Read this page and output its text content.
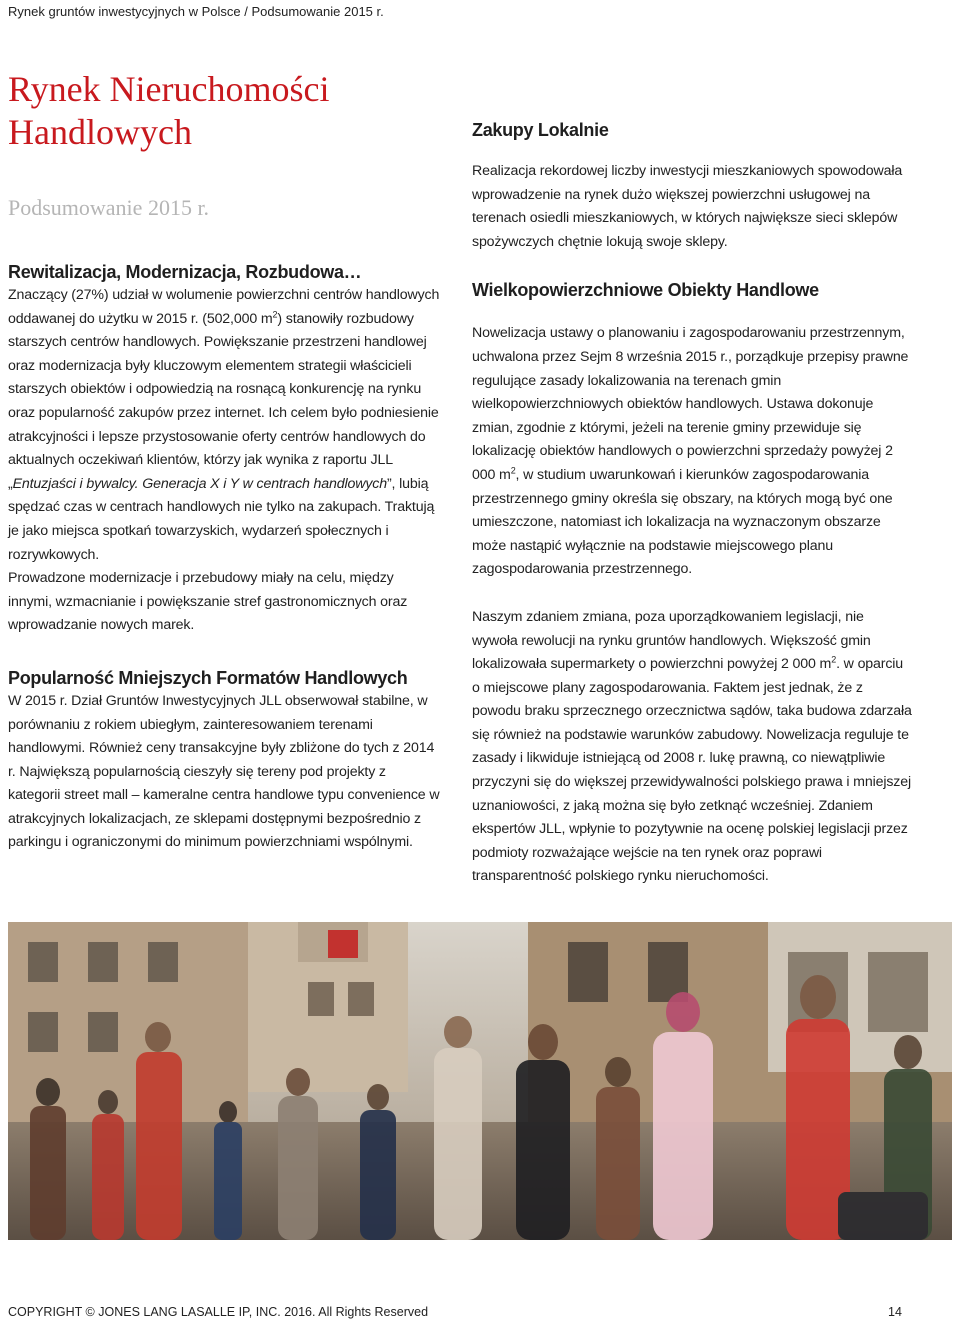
Rynek gruntów inwestycyjnych w Polsce / Podsumowanie 2015 r.
Rynek Nieruchomości
Handlowych
Podsumowanie 2015 r.
Rewitalizacja, Modernizacja, Rozbudowa…

Znaczący (27%) udział w wolumenie powierzchni centrów handlowych oddawanej do użytku w 2015 r. (502,000 $m^2$) stanowiły rozbudowy starszych centrów handlowych. Powiększanie przestrzeni handlowej oraz modernizacja były kluczowym elementem strategii właścicieli starszych obiektów i odpowiedzią na rosnącą konkurencję na rynku oraz popularność zakupów przez internet. Ich celem było podniesienie atrakcyjności i lepsze przystosowanie oferty centrów handlowych do aktualnych oczekiwań klientów, którzy jak wynika z raportu JLL „Entuzjaści i bywalcy. Generacja X i Y w centrach handlowych”, lubią spędzać czas w centrach handlowych nie tylko na zakupach. Traktują je jako miejsca spotkań towarzyskich, wydarzeń społecznych i rozrywkowych.

Prowadzone modernizacje i przebudowy miały na celu, między innymi, wzmacnianie i powiększanie stref gastronomicznych oraz wprowadzanie nowych marek.

Popularność Mniejszych Formatów Handlowych

W 2015 r. Dział Gruntów Inwestycyjnych JLL obserwował stabilne, w porównaniu z rokiem ubiegłym, zainteresowaniem terenami handlowymi. Również ceny transakcyjne były zbliżone do tych z 2014 r. Największą popularnością cieszyły się tereny pod projekty z kategorii street mall – kameralne centra handlowe typu convenience w atrakcyjnych lokalizacjach, ze sklepami dostępnymi bezpośrednio z parkingu i ograniczonymi do minimum powierzchniami wspólnymi.

Zakupy Lokalnie

Realizacja rekordowej liczby inwestycji mieszkaniowych spowodowała wprowadzenie na rynek dużo większej powierzchni usługowej na terenach osiedli mieszkaniowych, w których największe sieci sklepów spożywczych chętnie lokują swoje sklepy.

Wielkopowierzchniowe Obiekty Handlowe

Nowelizacja ustawy o planowaniu i zagospodarowaniu przestrzennym, uchwalona przez Sejm 8 września 2015 r., porządkuje przepisy prawne regulujące zasady lokalizowania na terenach gmin wielkopowierzchniowych obiektów handlowych. Ustawa dokonuje zmian, zgodnie z którymi, jeżeli na terenie gminy przewiduje się lokalizację obiektów handlowych o powierzchni sprzedaży powyżej 2 000 $m^2$, w studium uwarunkowań i kierunków zagospodarowania przestrzennego gminy określa się obszary, na których mogą być one umieszczone, natomiast ich lokalizacja na wyznaczonym obszarze może nastąpić wyłącznie na podstawie miejscowego planu zagospodarowania przestrzennego.

Naszym zdaniem zmiana, poza uporządkowaniem legislacji, nie wywoła rewolucji na rynku gruntów handlowych. Większość gmin lokalizowała supermarkety o powierzchni powyżej 2 000 $m^2$. w oparciu o miejscowe plany zagospodarowania. Faktem jest jednak, że z powodu braku sprzecznego orzecznictwa sądów, taka budowa zdarzała się również na podstawie warunków zabudowy. Nowelizacja reguluje te zasady i likwiduje istniejącą od 2008 r. lukę prawną, co niewątpliwie przyczyni się do większej przewidywalności polskiego prawa i mniejszej uznaniowości, z jaką można się było zetknąć wcześniej. Zdaniem ekspertów JLL, wpłynie to pozytywnie na ocenę polskiej legislacji przez podmioty rozważające wejście na ten rynek oraz poprawi transparentność polskiego rynku nieruchomości.

COPYRIGHT © JONES LANG LASALLE IP, INC. 2016. All Rights Reserved	14
